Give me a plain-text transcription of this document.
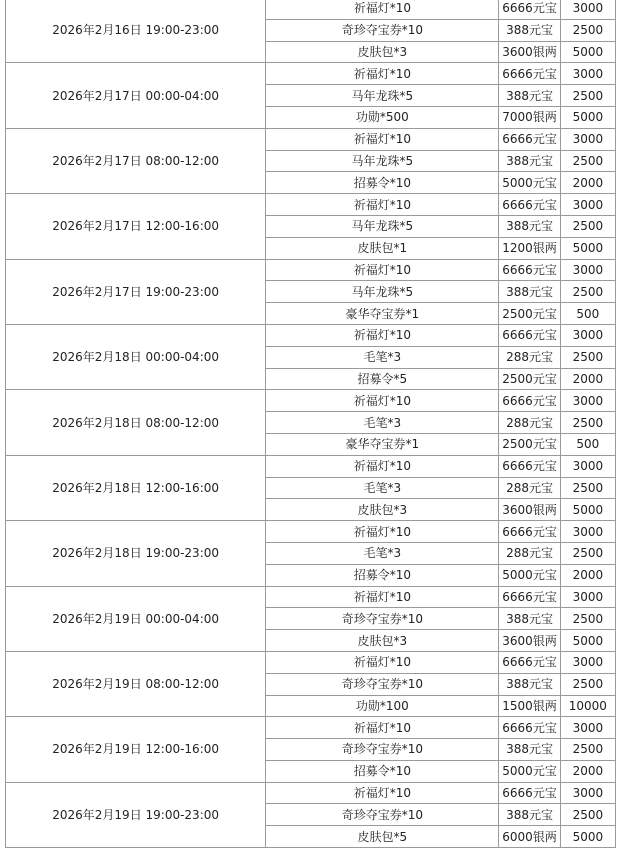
2026年2月16日 19:00-23:00	祈福灯*10	6666元宝	3000
	奇珍夺宝券*10	388元宝	2500
	皮肤包*3	3600银两	5000
2026年2月17日 00:00-04:00	祈福灯*10	6666元宝	3000
	马年龙珠*5	388元宝	2500
	功勋*500	7000银两	5000
2026年2月17日 08:00-12:00	祈福灯*10	6666元宝	3000
	马年龙珠*5	388元宝	2500
	招募令*10	5000元宝	2000
2026年2月17日 12:00-16:00	祈福灯*10	6666元宝	3000
	马年龙珠*5	388元宝	2500
	皮肤包*1	1200银两	5000
2026年2月17日 19:00-23:00	祈福灯*10	6666元宝	3000
	马年龙珠*5	388元宝	2500
	豪华夺宝券*1	2500元宝	500
2026年2月18日 00:00-04:00	祈福灯*10	6666元宝	3000
	毛笔*3	288元宝	2500
	招募令*5	2500元宝	2000
2026年2月18日 08:00-12:00	祈福灯*10	6666元宝	3000
	毛笔*3	288元宝	2500
	豪华夺宝券*1	2500元宝	500
2026年2月18日 12:00-16:00	祈福灯*10	6666元宝	3000
	毛笔*3	288元宝	2500
	皮肤包*3	3600银两	5000
2026年2月18日 19:00-23:00	祈福灯*10	6666元宝	3000
	毛笔*3	288元宝	2500
	招募令*10	5000元宝	2000
2026年2月19日 00:00-04:00	祈福灯*10	6666元宝	3000
	奇珍夺宝券*10	388元宝	2500
	皮肤包*3	3600银两	5000
2026年2月19日 08:00-12:00	祈福灯*10	6666元宝	3000
	奇珍夺宝券*10	388元宝	2500
	功勋*100	1500银两	10000
2026年2月19日 12:00-16:00	祈福灯*10	6666元宝	3000
	奇珍夺宝券*10	388元宝	2500
	招募令*10	5000元宝	2000
2026年2月19日 19:00-23:00	祈福灯*10	6666元宝	3000
	奇珍夺宝券*10	388元宝	2500
	皮肤包*5	6000银两	5000
